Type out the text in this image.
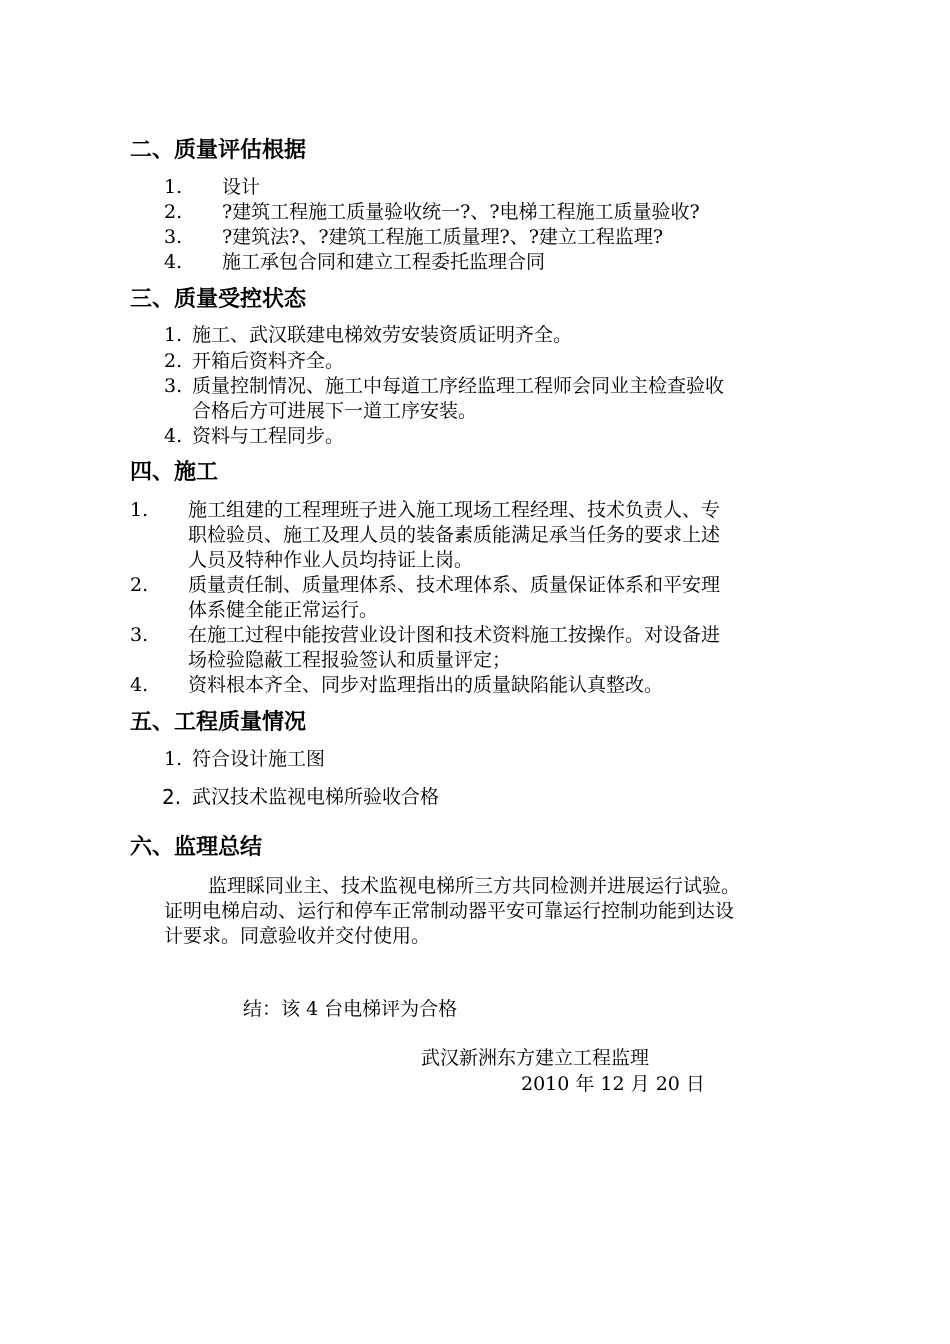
二、质量评估根据
1. 设计
2. ?建筑工程施工质量验收统一?、?电梯工程施工质量验收?
3. ?建筑法?、?建筑工程施工质量理?、?建立工程监理?
4. 施工承包合同和建立工程委托监理合同
三、质量受控状态
1. 施工、武汉联建电梯效劳安装资质证明齐全。
2. 开箱后资料齐全。
3. 质量控制情况、施工中每道工序经监理工程师会同业主检查验收
合格后方可进展下一道工序安装。
4. 资料与工程同步。
四、施工
1. 施工组建的工程理班子进入施工现场工程经理、技术负责人、专
职检验员、施工及理人员的装备素质能满足承当任务的要求上述
人员及特种作业人员均持证上岗。
2. 质量责任制、质量理体系、技术理体系、质量保证体系和平安理
体系健全能正常运行。
3. 在施工过程中能按营业设计图和技术资料施工按操作。对设备进
场检验隐蔽工程报验签认和质量评定；
4. 资料根本齐全、同步对监理指出的质量缺陷能认真整改。
五、工程质量情况
1. 符合设计施工图
2. 武汉技术监视电梯所验收合格
六、监理总结
监理睬同业主、技术监视电梯所三方共同检测并进展运行试验。
证明电梯启动、运行和停车正常制动器平安可靠运行控制功能到达设
计要求。同意验收并交付使用。
结：该 4 台电梯评为合格
武汉新洲东方建立工程监理
2010 年 12 月 20 日
